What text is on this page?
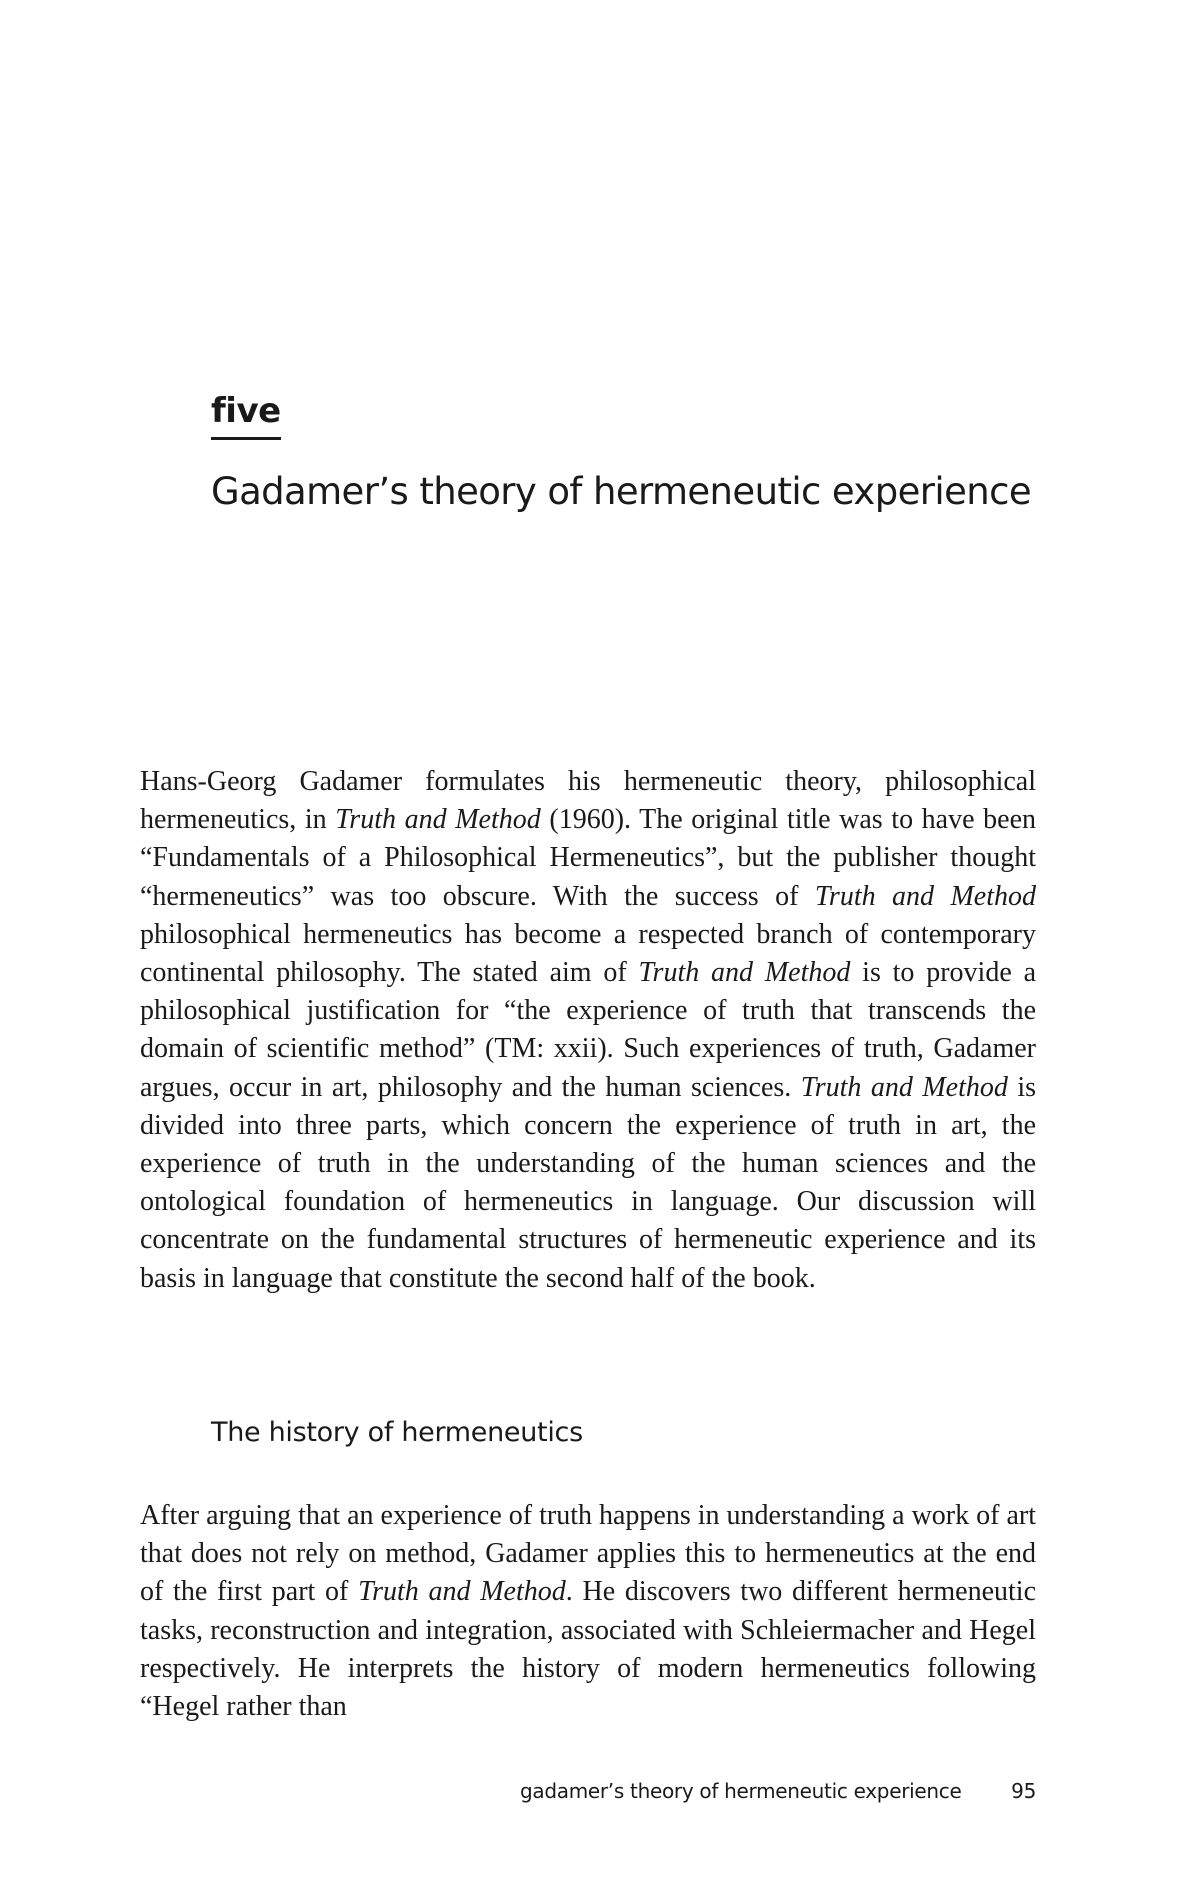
five
Gadamer’s theory of hermeneutic experience

Hans-Georg Gadamer formulates his hermeneutic theory, philosophical hermeneutics, in Truth and Method (1960). The original title was to have been “Fundamentals of a Philosophical Hermeneutics”, but the publisher thought “hermeneutics” was too obscure. With the success of Truth and Method philosophical hermeneutics has become a respected branch of contemporary continental philosophy. The stated aim of Truth and Method is to provide a philosophical justification for “the experience of truth that transcends the domain of scientific method” (TM: xxii). Such experiences of truth, Gadamer argues, occur in art, philosophy and the human sciences. Truth and Method is divided into three parts, which concern the experience of truth in art, the experience of truth in the understanding of the human sciences and the ontological foundation of hermeneutics in language. Our discussion will concentrate on the fundamental structures of hermeneutic experience and its basis in language that constitute the second half of the book.

The history of hermeneutics

After arguing that an experience of truth happens in understanding a work of art that does not rely on method, Gadamer applies this to hermeneutics at the end of the first part of Truth and Method. He discovers two different hermeneutic tasks, reconstruction and integration, associated with Schleiermacher and Hegel respectively. He interprets the history of modern hermeneutics following “Hegel rather than

gadamer’s theory of hermeneutic experience 95
